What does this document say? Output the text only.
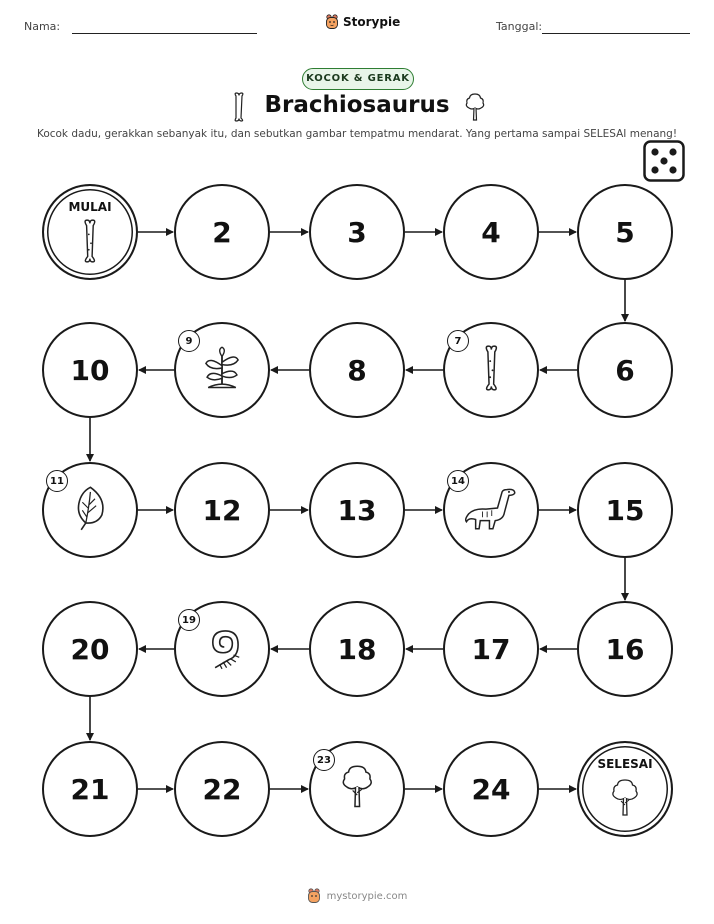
Nama:	Storypie	Tanggal:
KOCOK & GERAK
Brachiosaurus
Kocok dadu, gerakkan sebanyak itu, dan sebutkan gambar tempatmu mendarat. Yang pertama sampai SELESAI menang!
MULAI
2	3	4	5
6
7
8
9
10
11
12	13
14
15
16
17
18
19
20
21	22
23
24
SELESAI
mystorypie.com
